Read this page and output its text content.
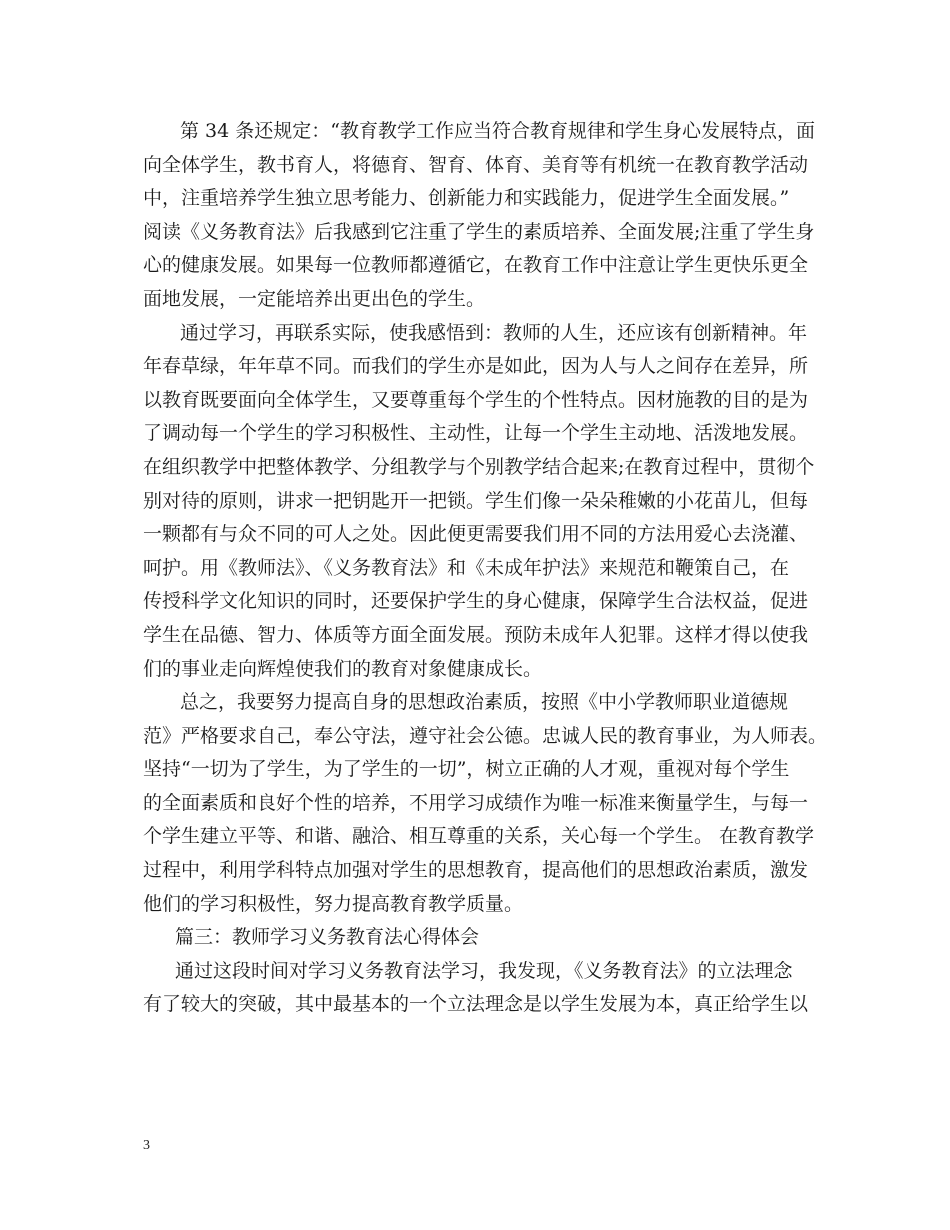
第 34 条还规定：“教育教学工作应当符合教育规律和学生身心发展特点，面
向全体学生，教书育人，将德育、智育、体育、美育等有机统一在教育教学活动
中，注重培养学生独立思考能力、创新能力和实践能力，促进学生全面发展。”
阅读《义务教育法》后我感到它注重了学生的素质培养、全面发展;注重了学生身
心的健康发展。如果每一位教师都遵循它，在教育工作中注意让学生更快乐更全
面地发展，一定能培养出更出色的学生。
通过学习，再联系实际，使我感悟到：教师的人生，还应该有创新精神。年
年春草绿，年年草不同。而我们的学生亦是如此，因为人与人之间存在差异，所
以教育既要面向全体学生，又要尊重每个学生的个性特点。因材施教的目的是为
了调动每一个学生的学习积极性、主动性，让每一个学生主动地、活泼地发展。
在组织教学中把整体教学、分组教学与个别教学结合起来;在教育过程中，贯彻个
别对待的原则，讲求一把钥匙开一把锁。学生们像一朵朵稚嫩的小花苗儿，但每
一颗都有与众不同的可人之处。因此便更需要我们用不同的方法用爱心去浇灌、
呵护。用《教师法》、《义务教育法》和《未成年护法》来规范和鞭策自己，在
传授科学文化知识的同时，还要保护学生的身心健康，保障学生合法权益，促进
学生在品德、智力、体质等方面全面发展。预防未成年人犯罪。这样才得以使我
们的事业走向辉煌使我们的教育对象健康成长。
总之，我要努力提高自身的思想政治素质，按照《中小学教师职业道德规
范》严格要求自己，奉公守法，遵守社会公德。忠诚人民的教育事业，为人师表。
坚持“一切为了学生，为了学生的一切”，树立正确的人才观，重视对每个学生
的全面素质和良好个性的培养，不用学习成绩作为唯一标准来衡量学生，与每一
个学生建立平等、和谐、融洽、相互尊重的关系，关心每一个学生。 在教育教学
过程中，利用学科特点加强对学生的思想教育，提高他们的思想政治素质，激发
他们的学习积极性，努力提高教育教学质量。
篇三：教师学习义务教育法心得体会
通过这段时间对学习义务教育法学习，我发现，《义务教育法》的立法理念
有了较大的突破，其中最基本的一个立法理念是以学生发展为本，真正给学生以
3
